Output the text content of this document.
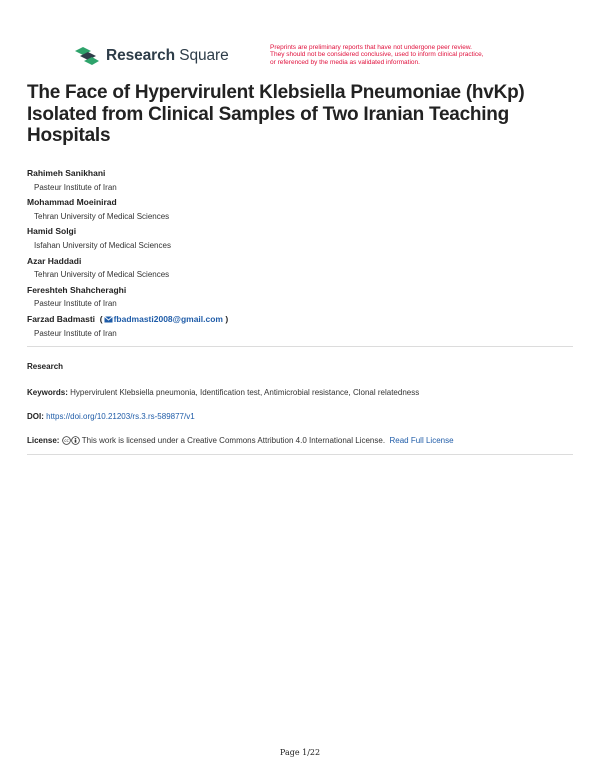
Research Square	Preprints are preliminary reports that have not undergone peer review.
They should not be considered conclusive, used to inform clinical practice,
or referenced by the media as validated information.
The Face of Hypervirulent Klebsiella Pneumoniae (hvKp) Isolated from Clinical Samples of Two Iranian Teaching Hospitals
Rahimeh Sanikhani
Pasteur Institute of Iran
Mohammad Moeinirad
Tehran University of Medical Sciences
Hamid Solgi
Isfahan University of Medical Sciences
Azar Haddadi
Tehran University of Medical Sciences
Fereshteh Shahcheraghi
Pasteur Institute of Iran
Farzad Badmasti  ( fbadmasti2008@gmail.com )
Pasteur Institute of Iran
Research
Keywords: Hypervirulent Klebsiella pneumonia, Identification test, Antimicrobial resistance, Clonal relatedness
DOI: https://doi.org/10.21203/rs.3.rs-589877/v1
License: cc This work is licensed under a Creative Commons Attribution 4.0 International License. Read Full License
Page 1/22
